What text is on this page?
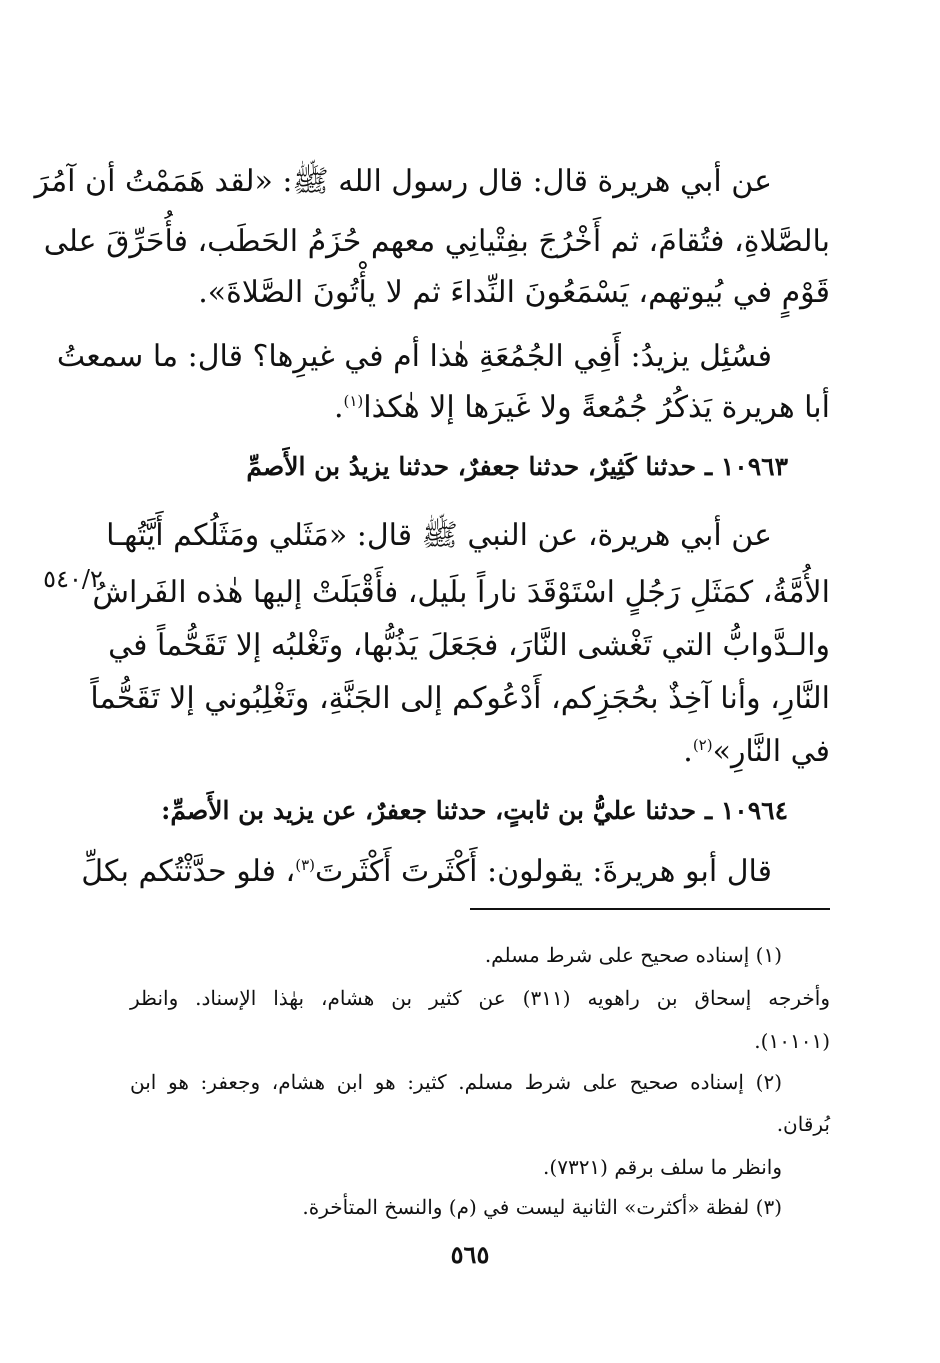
عن أبي هريرة قال: قال رسول الله ﷺ: «لقد هَمَمْتُ أن آمُرَ
بالصَّلاةِ، فتُقامَ، ثم أَخْرُجَ بفِتْيانِي معهم حُزَمُ الحَطَب، فأُحَرِّقَ على
قَوْمٍ في بُيوتهم، يَسْمَعُونَ النِّداءَ ثم لا يأْتُونَ الصَّلاةَ».
فسُئِل يزيدُ: أَفِي الجُمُعَةِ هٰذا أم في غيرِها؟ قال: ما سمعتُ
أبا هريرة يَذكُرُ جُمُعةً ولا غَيرَها إلا هٰكذا$^{(١)}$.
١٠٩٦٣ ـ حدثنا كَثِيرٌ، حدثنا جعفرٌ، حدثنا يزيدُ بن الأَصمِّ
عن أبي هريرة، عن النبي ﷺ قال: «مَثَلي ومَثَلُكم أَيَّتُهـا
الأُمَّةُ، كمَثَلِ رَجُلٍ اسْتَوْقَدَ ناراً بلَيل، فأَقْبَلَتْ إليها هٰذه الفَراشُ
والـدَّوابُّ التي تَغْشى النَّارَ، فجَعَلَ يَذُبُّها، وتَغْلبُه إلا تَقَحُّماً في
النَّارِ، وأنا آخِذٌ بحُجَزِكم، أَدْعُوكم إلى الجَنَّةِ، وتَغْلِبُوني إلا تَقَحُّماً
في النَّارِ»$^{(٢)}$.
٥٤٠/٢
١٠٩٦٤ ـ حدثنا عليُّ بن ثابتٍ، حدثنا جعفرٌ، عن يزيد بن الأَصمِّ:
قال أبو هريرةَ: يقولون: أَكْثَرتَ أَكْثَرتَ$^{(٣)}$، فلو حدَّثْتُكم بكلِّ
(١) إسناده صحيح على شرط مسلم.
وأخرجه إسحاق بن راهويه (٣١١) عن كثير بن هشام، بهٰذا الإسناد. وانظر
(١٠١٠١).
(٢) إسناده صحيح على شرط مسلم. كثير: هو ابن هشام، وجعفر: هو ابن
بُرقان.
وانظر ما سلف برقم (٧٣٢١).
(٣) لفظة «أكثرت» الثانية ليست في (م) والنسخ المتأخرة.
٥٦٥
